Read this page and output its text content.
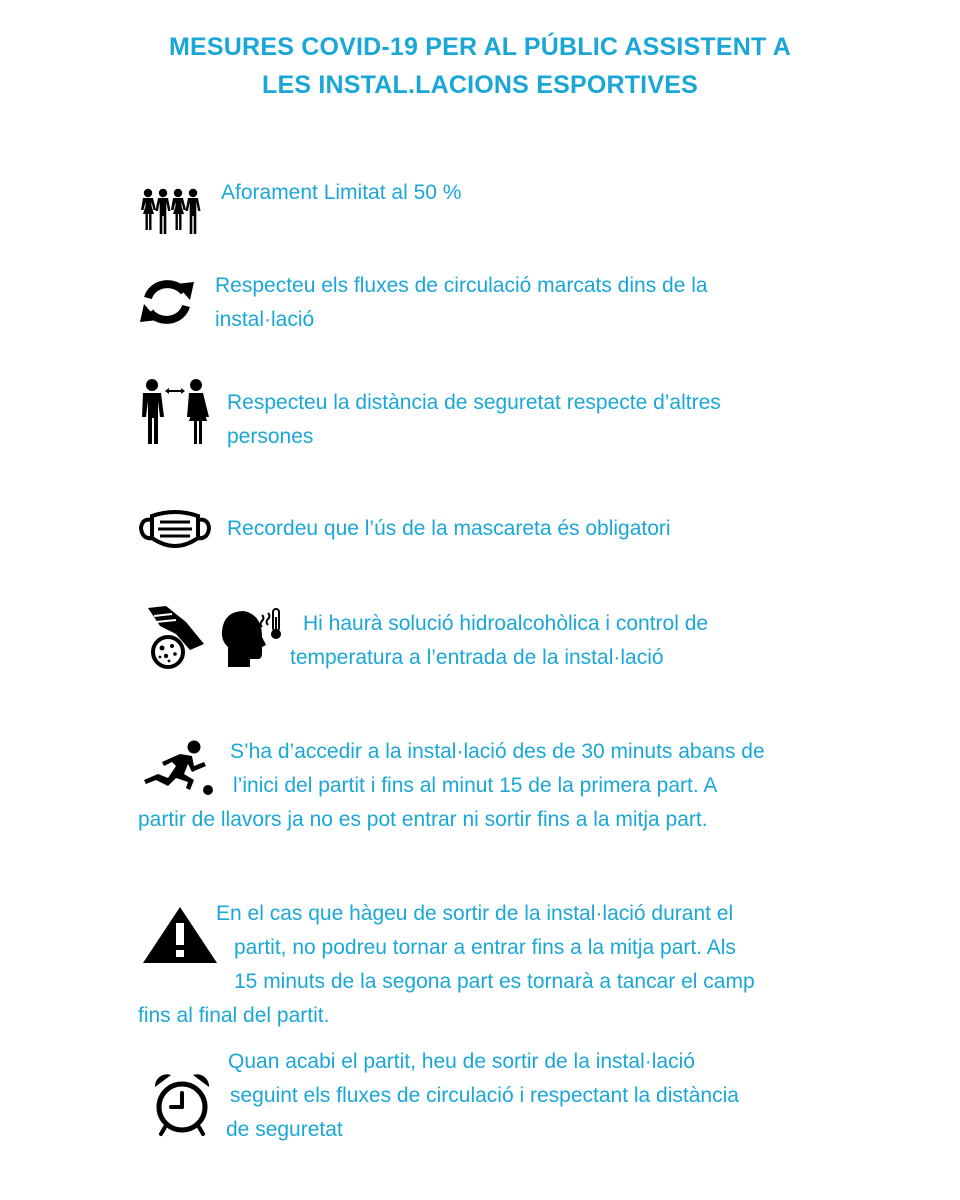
MESURES COVID-19 PER AL PÚBLIC ASSISTENT A
LES INSTAL.LACIONS ESPORTIVES
Aforament Limitat al 50 %
Respecteu els fluxes de circulació marcats dins de la
instal·lació
Respecteu la distància de seguretat respecte d’altres
persones
Recordeu que l’ús de la mascareta és obligatori
Hi haurà solució hidroalcohòlica i control de
temperatura a l’entrada de la instal·lació
S’ha d’accedir a la instal·lació des de 30 minuts abans de
l’inici del partit i fins al minut 15 de la primera part. A
partir de llavors ja no es pot entrar ni sortir fins a la mitja part.
En el cas que hàgeu de sortir de la instal·lació durant el
partit, no podreu tornar a entrar fins a la mitja part. Als
15 minuts de la segona part es tornarà a tancar el camp
fins al final del partit.
Quan acabi el partit, heu de sortir de la instal·lació
seguint els fluxes de circulació i respectant la distància
de seguretat
